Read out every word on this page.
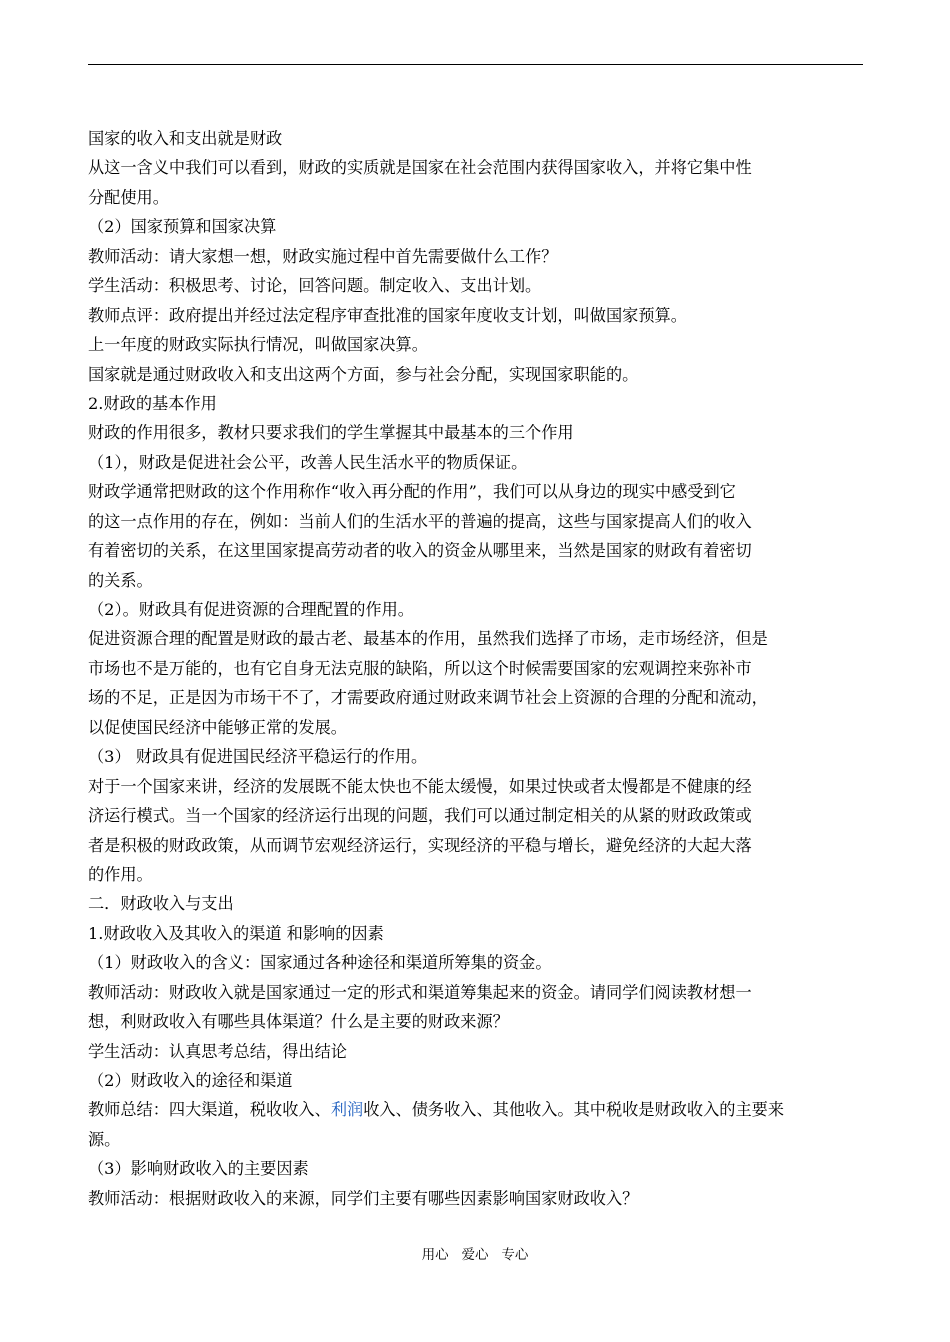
国家的收入和支出就是财政
从这一含义中我们可以看到，财政的实质就是国家在社会范围内获得国家收入，并将它集中性
分配使用。
（2）国家预算和国家决算
教师活动：请大家想一想，财政实施过程中首先需要做什么工作？
学生活动：积极思考、讨论，回答问题。制定收入、支出计划。
教师点评：政府提出并经过法定程序审查批准的国家年度收支计划，叫做国家预算。
上一年度的财政实际执行情况，叫做国家决算。
国家就是通过财政收入和支出这两个方面，参与社会分配，实现国家职能的。
2.财政的基本作用
财政的作用很多，教材只要求我们的学生掌握其中最基本的三个作用
（1），财政是促进社会公平，改善人民生活水平的物质保证。
财政学通常把财政的这个作用称作“收入再分配的作用”，我们可以从身边的现实中感受到它
的这一点作用的存在，例如：当前人们的生活水平的普遍的提高，这些与国家提高人们的收入
有着密切的关系，在这里国家提高劳动者的收入的资金从哪里来，当然是国家的财政有着密切
的关系。
（2）。财政具有促进资源的合理配置的作用。
促进资源合理的配置是财政的最古老、最基本的作用，虽然我们选择了市场，走市场经济，但是
市场也不是万能的，也有它自身无法克服的缺陷，所以这个时候需要国家的宏观调控来弥补市
场的不足，正是因为市场干不了，才需要政府通过财政来调节社会上资源的合理的分配和流动，
以促使国民经济中能够正常的发展。
（3） 财政具有促进国民经济平稳运行的作用。
对于一个国家来讲，经济的发展既不能太快也不能太缓慢，如果过快或者太慢都是不健康的经
济运行模式。当一个国家的经济运行出现的问题，我们可以通过制定相关的从紧的财政政策或
者是积极的财政政策，从而调节宏观经济运行，实现经济的平稳与增长，避免经济的大起大落
的作用。
二．财政收入与支出
1.财政收入及其收入的渠道 和影响的因素
（1）财政收入的含义：国家通过各种途径和渠道所筹集的资金。
教师活动：财政收入就是国家通过一定的形式和渠道筹集起来的资金。请同学们阅读教材想一
想，利财政收入有哪些具体渠道？什么是主要的财政来源？
学生活动：认真思考总结，得出结论
（2）财政收入的途径和渠道
教师总结：四大渠道，税收收入、利润收入、债务收入、其他收入。其中税收是财政收入的主要来
源。
（3）影响财政收入的主要因素
教师活动：根据财政收入的来源，同学们主要有哪些因素影响国家财政收入？
用心   爱心   专心
